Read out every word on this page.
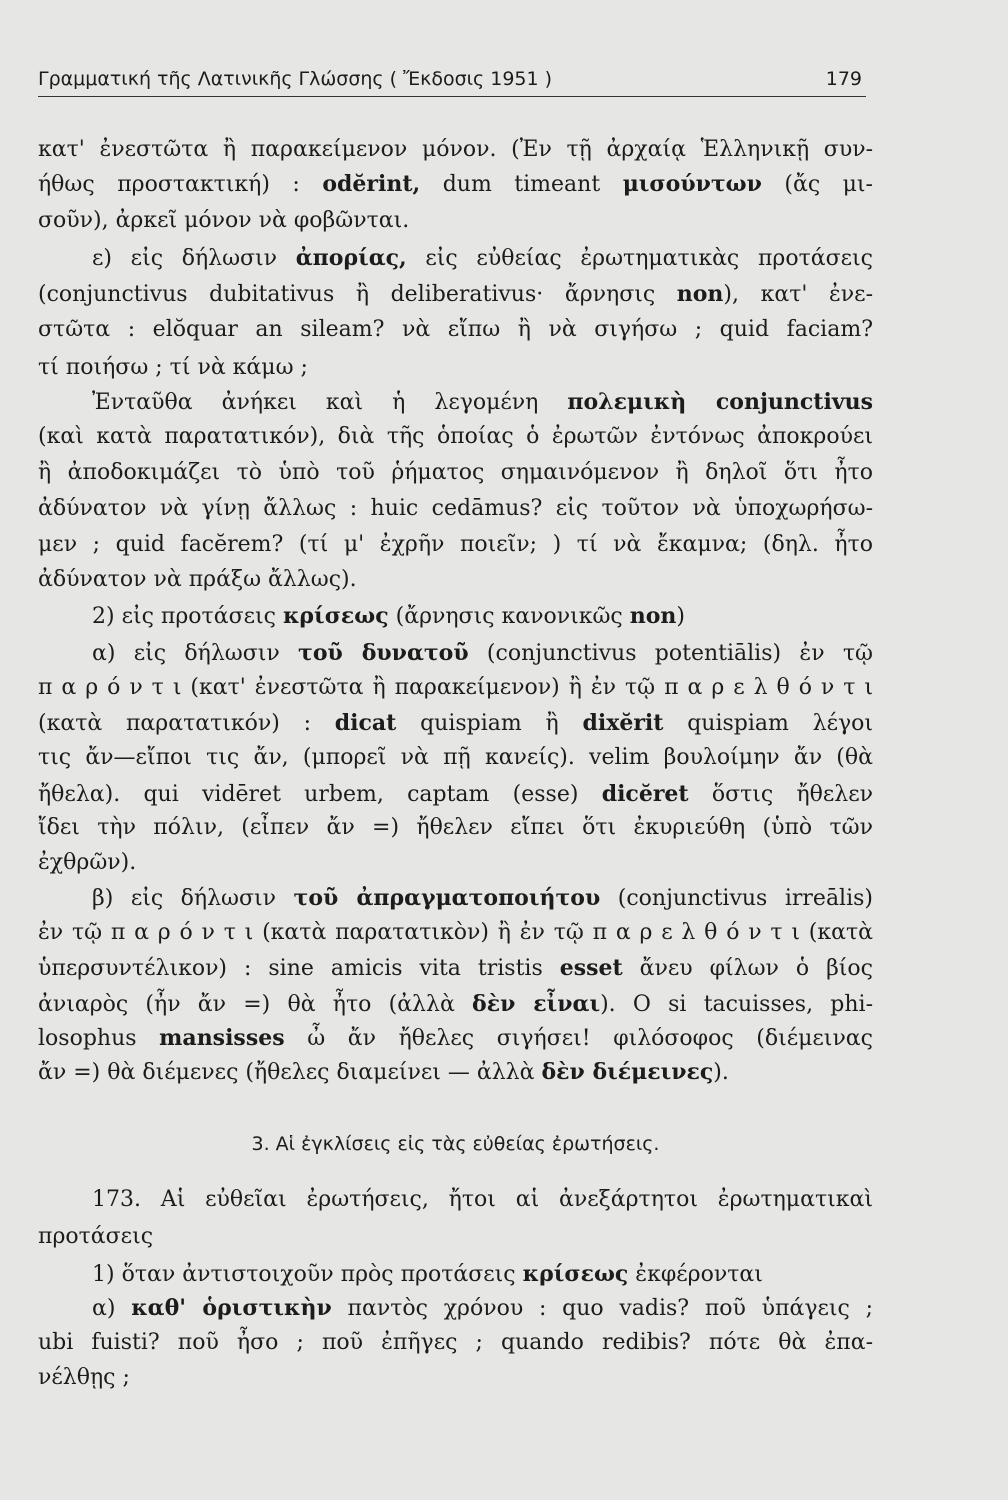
Γραμματική τῆς Λατινικῆς Γλώσσης ( Ἔκδοσις 1951 )	179
κατ' ἐνεστῶτα ἢ παρακείμενον μόνον. (Ἐν τῇ ἀρχαίᾳ Ἑλληνικῇ συν-
ήθως προστακτική) : odĕrint, dum timeant μισούντων (ἄς μι-
σοῦν), ἀρκεῖ μόνον νὰ φοβῶνται.
ε) εἰς δήλωσιν ἀπορίας, εἰς εὐθείας ἐρωτηματικὰς προτάσεις
(conjunctivus dubitativus ἢ deliberativus· ἄρνησις non), κατ' ἐνε-
στῶτα : elŏquar an sileam? νὰ εἴπω ἢ νὰ σιγήσω ; quid faciam?
τί ποιήσω ; τί νὰ κάμω ;
Ἐνταῦθα ἀνήκει καὶ ἡ λεγομένη πολεμικὴ conjunctivus
(καὶ κατὰ παρατατικόν), διὰ τῆς ὁποίας ὁ ἐρωτῶν ἐντόνως ἀποκρούει
ἢ ἀποδοκιμάζει τὸ ὑπὸ τοῦ ῥήματος σημαινόμενον ἢ δηλοῖ ὅτι ἦτο
ἀδύνατον νὰ γίνῃ ἄλλως : huic cedāmus? εἰς τοῦτον νὰ ὑποχωρήσω-
μεν ; quid facĕrem? (τί μ' ἐχρῆν ποιεῖν; ) τί νὰ ἔκαμνα; (δηλ. ἦτο
ἀδύνατον νὰ πράξω ἄλλως).
2) εἰς προτάσεις κρίσεως (ἄρνησις κανονικῶς non)
α) εἰς δήλωσιν τοῦ δυνατοῦ (conjunctivus potentiālis) ἐν τῷ
π α ρ ό ν τ ι (κατ' ἐνεστῶτα ἢ παρακείμενον) ἢ ἐν τῷ π α ρ ε λ θ ό ν τ ι
(κατὰ παρατατικόν) : dicat quispiam ἢ dixĕrit quispiam λέγοι
τις ἄν—εἴποι τις ἄν, (μπορεῖ νὰ πῇ κανείς). velim βουλοίμην ἄν (θὰ
ἤθελα). qui vidēret urbem, captam (esse) dicĕret ὅστις ἤθελεν
ἴδει τὴν πόλιν, (εἶπεν ἄν =) ἤθελεν εἴπει ὅτι ἐκυριεύθη (ὑπὸ τῶν
ἐχθρῶν).
β) εἰς δήλωσιν τοῦ ἀπραγματοποιήτου (conjunctivus irreālis)
ἐν τῷ π α ρ ό ν τ ι (κατὰ παρατατικὸν) ἢ ἐν τῷ π α ρ ε λ θ ό ν τ ι (κατὰ
ὑπερσυντέλικον) : sine amicis vita tristis esset ἄνευ φίλων ὁ βίος
ἀνιαρὸς (ἦν ἄν =) θὰ ἦτο (ἀλλὰ δὲν εἶναι). O si tacuisses, phi-
losophus mansisses ὦ ἄν ἤθελες σιγήσει! φιλόσοφος (διέμεινας
ἄν =) θὰ διέμενες (ἤθελες διαμείνει — ἀλλὰ δὲν διέμεινες).
3. Αἱ ἐγκλίσεις εἰς τὰς εὐθείας ἐρωτήσεις.
173. Αἱ εὐθεῖαι ἐρωτήσεις, ἤτοι αἱ ἀνεξάρτητοι ἐρωτηματικαὶ
προτάσεις
1) ὅταν ἀντιστοιχοῦν πρὸς προτάσεις κρίσεως ἐκφέρονται
α) καθ' ὁριστικὴν παντὸς χρόνου : quo vadis? ποῦ ὑπάγεις ;
ubi fuisti? ποῦ ἦσο ; ποῦ ἐπῆγες ; quando redibis? πότε θὰ ἐπα-
νέλθῃς ;
